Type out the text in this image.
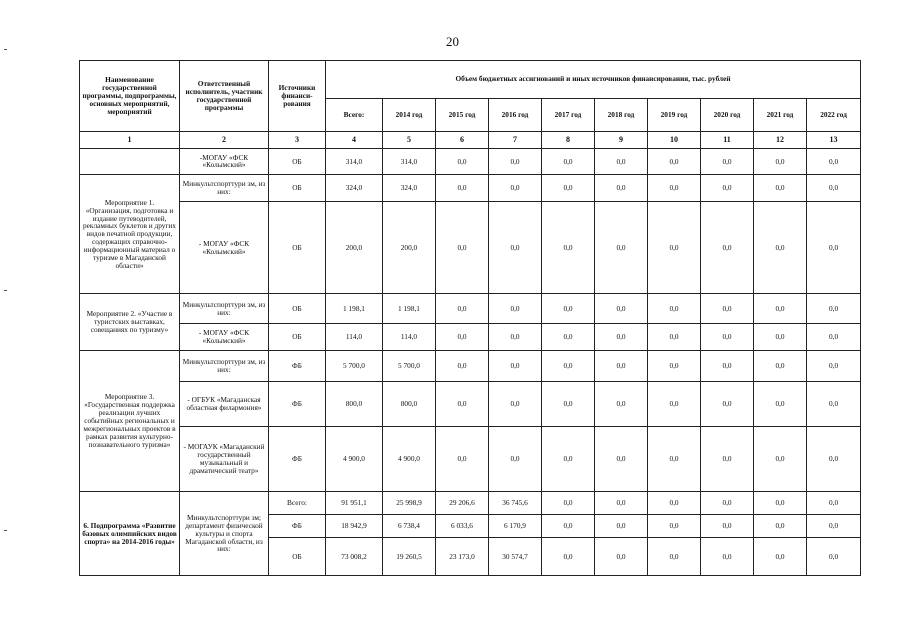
20
Наименование государственной программы, подпрограммы, основных мероприятий, мероприятий	Ответственный исполнитель, участник государственной программы	Источники финанси-рования	Объем бюджетных ассигнований и иных источников финансирования, тыс. рублей									
			Всего:	2014 год	2015 год	2016 год	2017 год	2018 год	2019 год	2020 год	2021 год	2022 год
1	2	3	4	5	6	7	8	9	10	11	12	13
	-МОГАУ «ФСК «Колымский»	ОБ	314,0	314,0	0,0	0,0	0,0	0,0	0,0	0,0	0,0	0,0
Мероприятие 1. «Организация, подготовка и издание путеводителей, рекламных буклетов и других видов печатной продукции, содержащих справочно-информационный материал о туризме в Магаданской области»	Минкультспорттури зм, из них:	ОБ	324,0	324,0	0,0	0,0	0,0	0,0	0,0	0,0	0,0	0,0
	- МОГАУ «ФСК «Колымский»	ОБ	200,0	200,0	0,0	0,0	0,0	0,0	0,0	0,0	0,0	0,0
Мероприятие 2. «Участие в туристских выставках, совещаниях по туризму»	Минкультспорттури зм, из них:	ОБ	1 198,1	1 198,1	0,0	0,0	0,0	0,0	0,0	0,0	0,0	0,0
	- МОГАУ «ФСК «Колымский»	ОБ	114,0	114,0	0,0	0,0	0,0	0,0	0,0	0,0	0,0	0,0
Мероприятие 3. «Государственная поддержка реализации лучших событийных региональных и межрегиональных проектов в рамках развития культурно-познавательного туризма»	Минкультспорттури зм, из них:	ФБ	5 700,0	5 700,0	0,0	0,0	0,0	0,0	0,0	0,0	0,0	0,0
	- ОГБУК «Магаданская областная филармония»	ФБ	800,0	800,0	0,0	0,0	0,0	0,0	0,0	0,0	0,0	0,0
	- МОГАУК «Магаданский государственный музыкальный и драматический театр»	ФБ	4 900,0	4 900,0	0,0	0,0	0,0	0,0	0,0	0,0	0,0	0,0
6. Подпрограмма «Развитие базовых олимпийских видов спорта» на 2014-2016 годы»	Минкультспорттури зм; департамент физической культуры и спорта Магаданской области, из них:	Всего:	91 951,1	25 998,9	29 206,6	36 745,6	0,0	0,0	0,0	0,0	0,0	0,0
		ФБ	18 942,9	6 738,4	6 033,6	6 170,9	0,0	0,0	0,0	0,0	0,0	0,0
		ОБ	73 008,2	19 260,5	23 173,0	30 574,7	0,0	0,0	0,0	0,0	0,0	0,0
